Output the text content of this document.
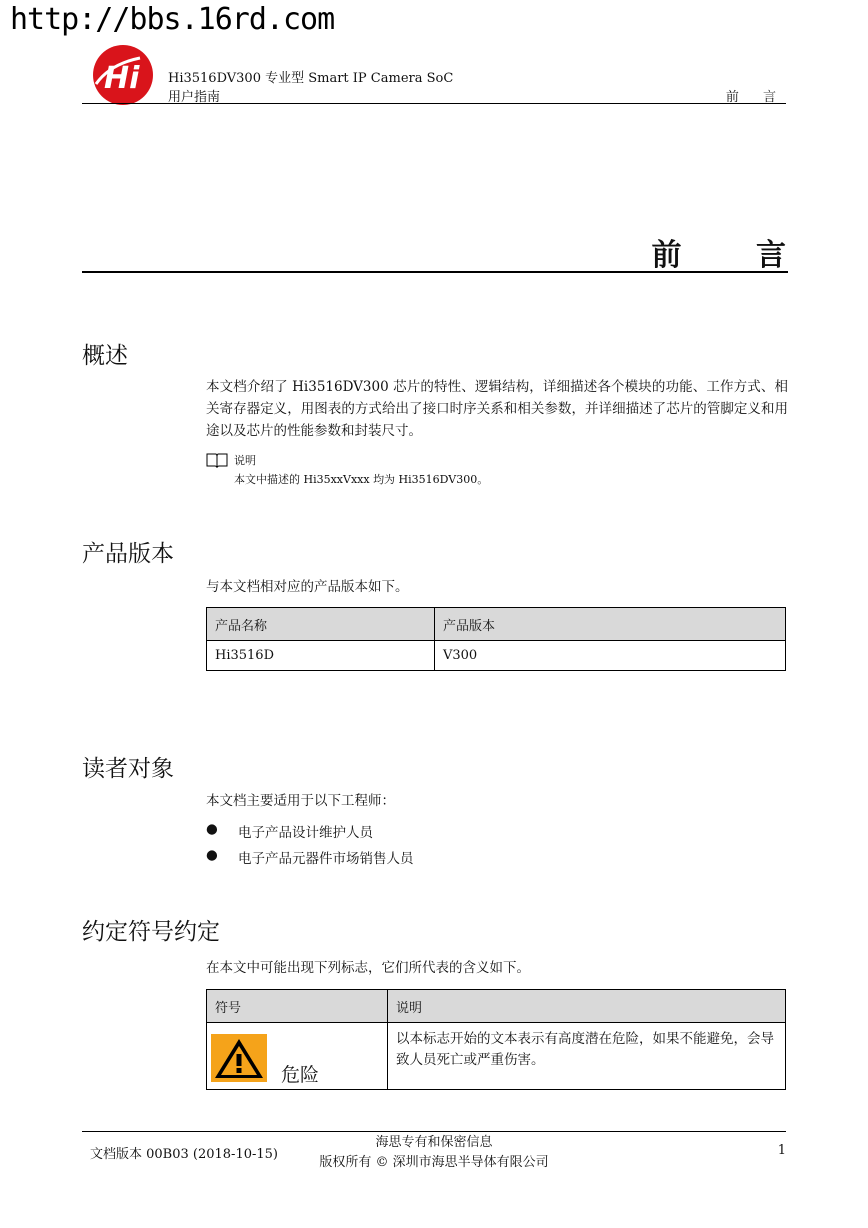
http://bbs.16rd.com
Hi Hi3516DV300 专业型 Smart IP Camera SoC
用户指南	前 言
前 言
概述
本文档介绍了 Hi3516DV300 芯片的特性、逻辑结构，详细描述各个模块的功能、工作方式、相关寄存器定义，用图表的方式给出了接口时序关系和相关参数，并详细描述了芯片的管脚定义和用途以及芯片的性能参数和封装尺寸。
说明
本文中描述的 Hi35xxVxxx 均为 Hi3516DV300。
产品版本
与本文档相对应的产品版本如下。
产品名称	产品版本
Hi3516D	V300
读者对象
本文档主要适用于以下工程师：
● 电子产品设计维护人员
● 电子产品元器件市场销售人员
约定符号约定
在本文中可能出现下列标志，它们所代表的含义如下。
符号	说明

危险	以本标志开始的文本表示有高度潜在危险，如果不能避免，会导致人员死亡或严重伤害。
文档版本 00B03 (2018-10-15)
海思专有和保密信息
版权所有 © 深圳市海思半导体有限公司
1
